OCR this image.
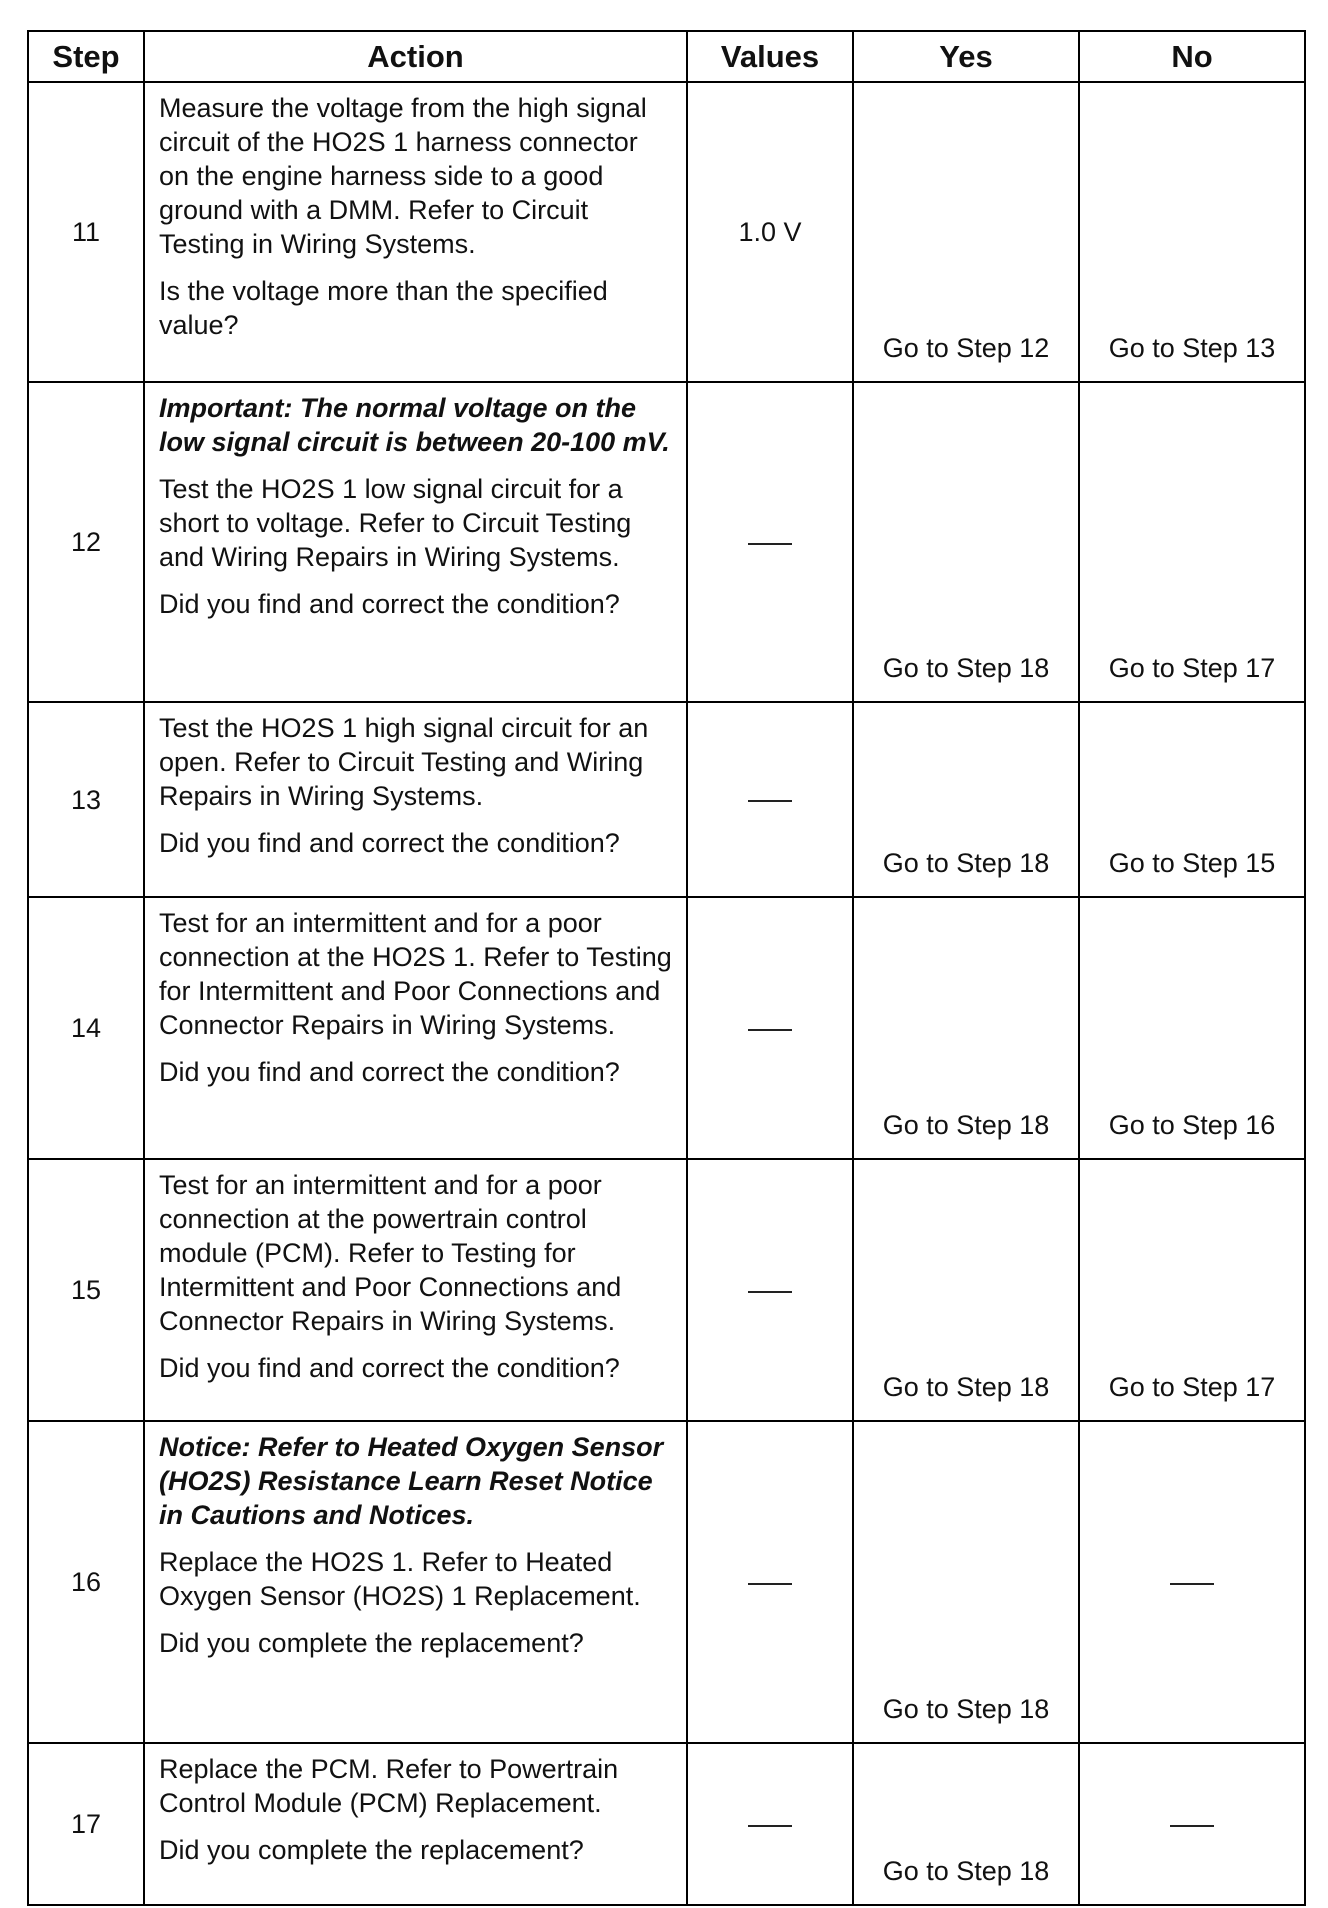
Step	Action	Values	Yes	No
11	Measure the voltage from the high signal circuit of the HO2S 1 harness connector on the engine harness side to a good ground with a DMM. Refer to Circuit Testing in Wiring Systems.

Is the voltage more than the specified value?	1.0 V	Go to Step 12	Go to Step 13
12	Important: The normal voltage on the low signal circuit is between 20-100 mV.

Test the HO2S 1 low signal circuit for a short to voltage. Refer to Circuit Testing and Wiring Repairs in Wiring Systems.

Did you find and correct the condition?		Go to Step 18	Go to Step 17
13	Test the HO2S 1 high signal circuit for an open. Refer to Circuit Testing and Wiring Repairs in Wiring Systems.

Did you find and correct the condition?		Go to Step 18	Go to Step 15
14	Test for an intermittent and for a poor connection at the HO2S 1. Refer to Testing for Intermittent and Poor Connections and Connector Repairs in Wiring Systems.

Did you find and correct the condition?		Go to Step 18	Go to Step 16
15	Test for an intermittent and for a poor connection at the powertrain control module (PCM). Refer to Testing for Intermittent and Poor Connections and Connector Repairs in Wiring Systems.

Did you find and correct the condition?		Go to Step 18	Go to Step 17
16	Notice: Refer to Heated Oxygen Sensor (HO2S) Resistance Learn Reset Notice in Cautions and Notices.

Replace the HO2S 1. Refer to Heated Oxygen Sensor (HO2S) 1 Replacement.

Did you complete the replacement?		Go to Step 18	
17	Replace the PCM. Refer to Powertrain Control Module (PCM) Replacement.

Did you complete the replacement?		Go to Step 18	
